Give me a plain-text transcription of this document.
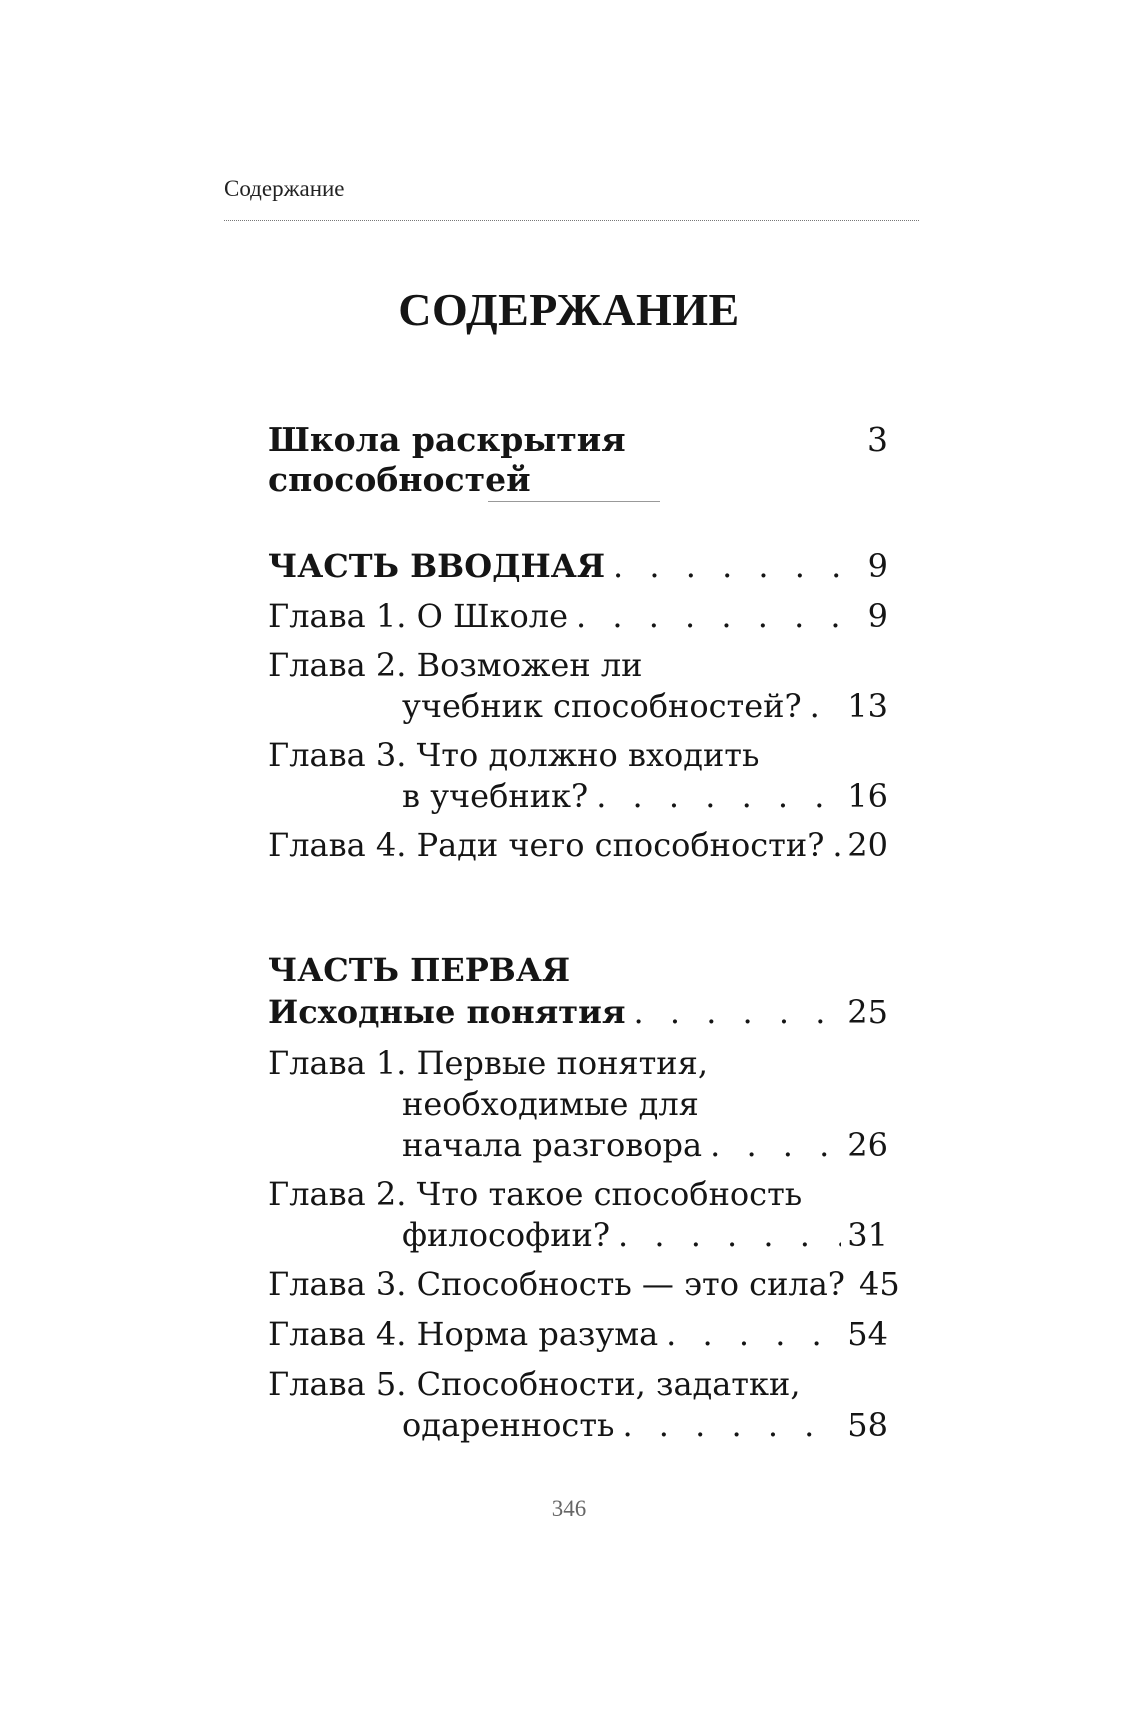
Содержание
СОДЕРЖАНИЕ
Школа раскрытия способностей
3
ЧАСТЬ ВВОДНАЯ . . .	9
Глава 1. О Школе . . .	9
Глава 2. Возможен ли
учебник способностей? . . . 13
Глава 3. Что должно входить
в учебник? . . .	16
Глава 4. Ради чего способности? . . . 20
ЧАСТЬ ПЕРВАЯ
Исходные понятия . . .	25
Глава 1. Первые понятия,
необходимые для
начала разговора . . .	26
Глава 2. Что такое способность
философии? . . .	31
Глава 3. Способность — это сила? 45
Глава 4. Норма разума . . .	54
Глава 5. Способности, задатки,
одаренность . . .	58
346
